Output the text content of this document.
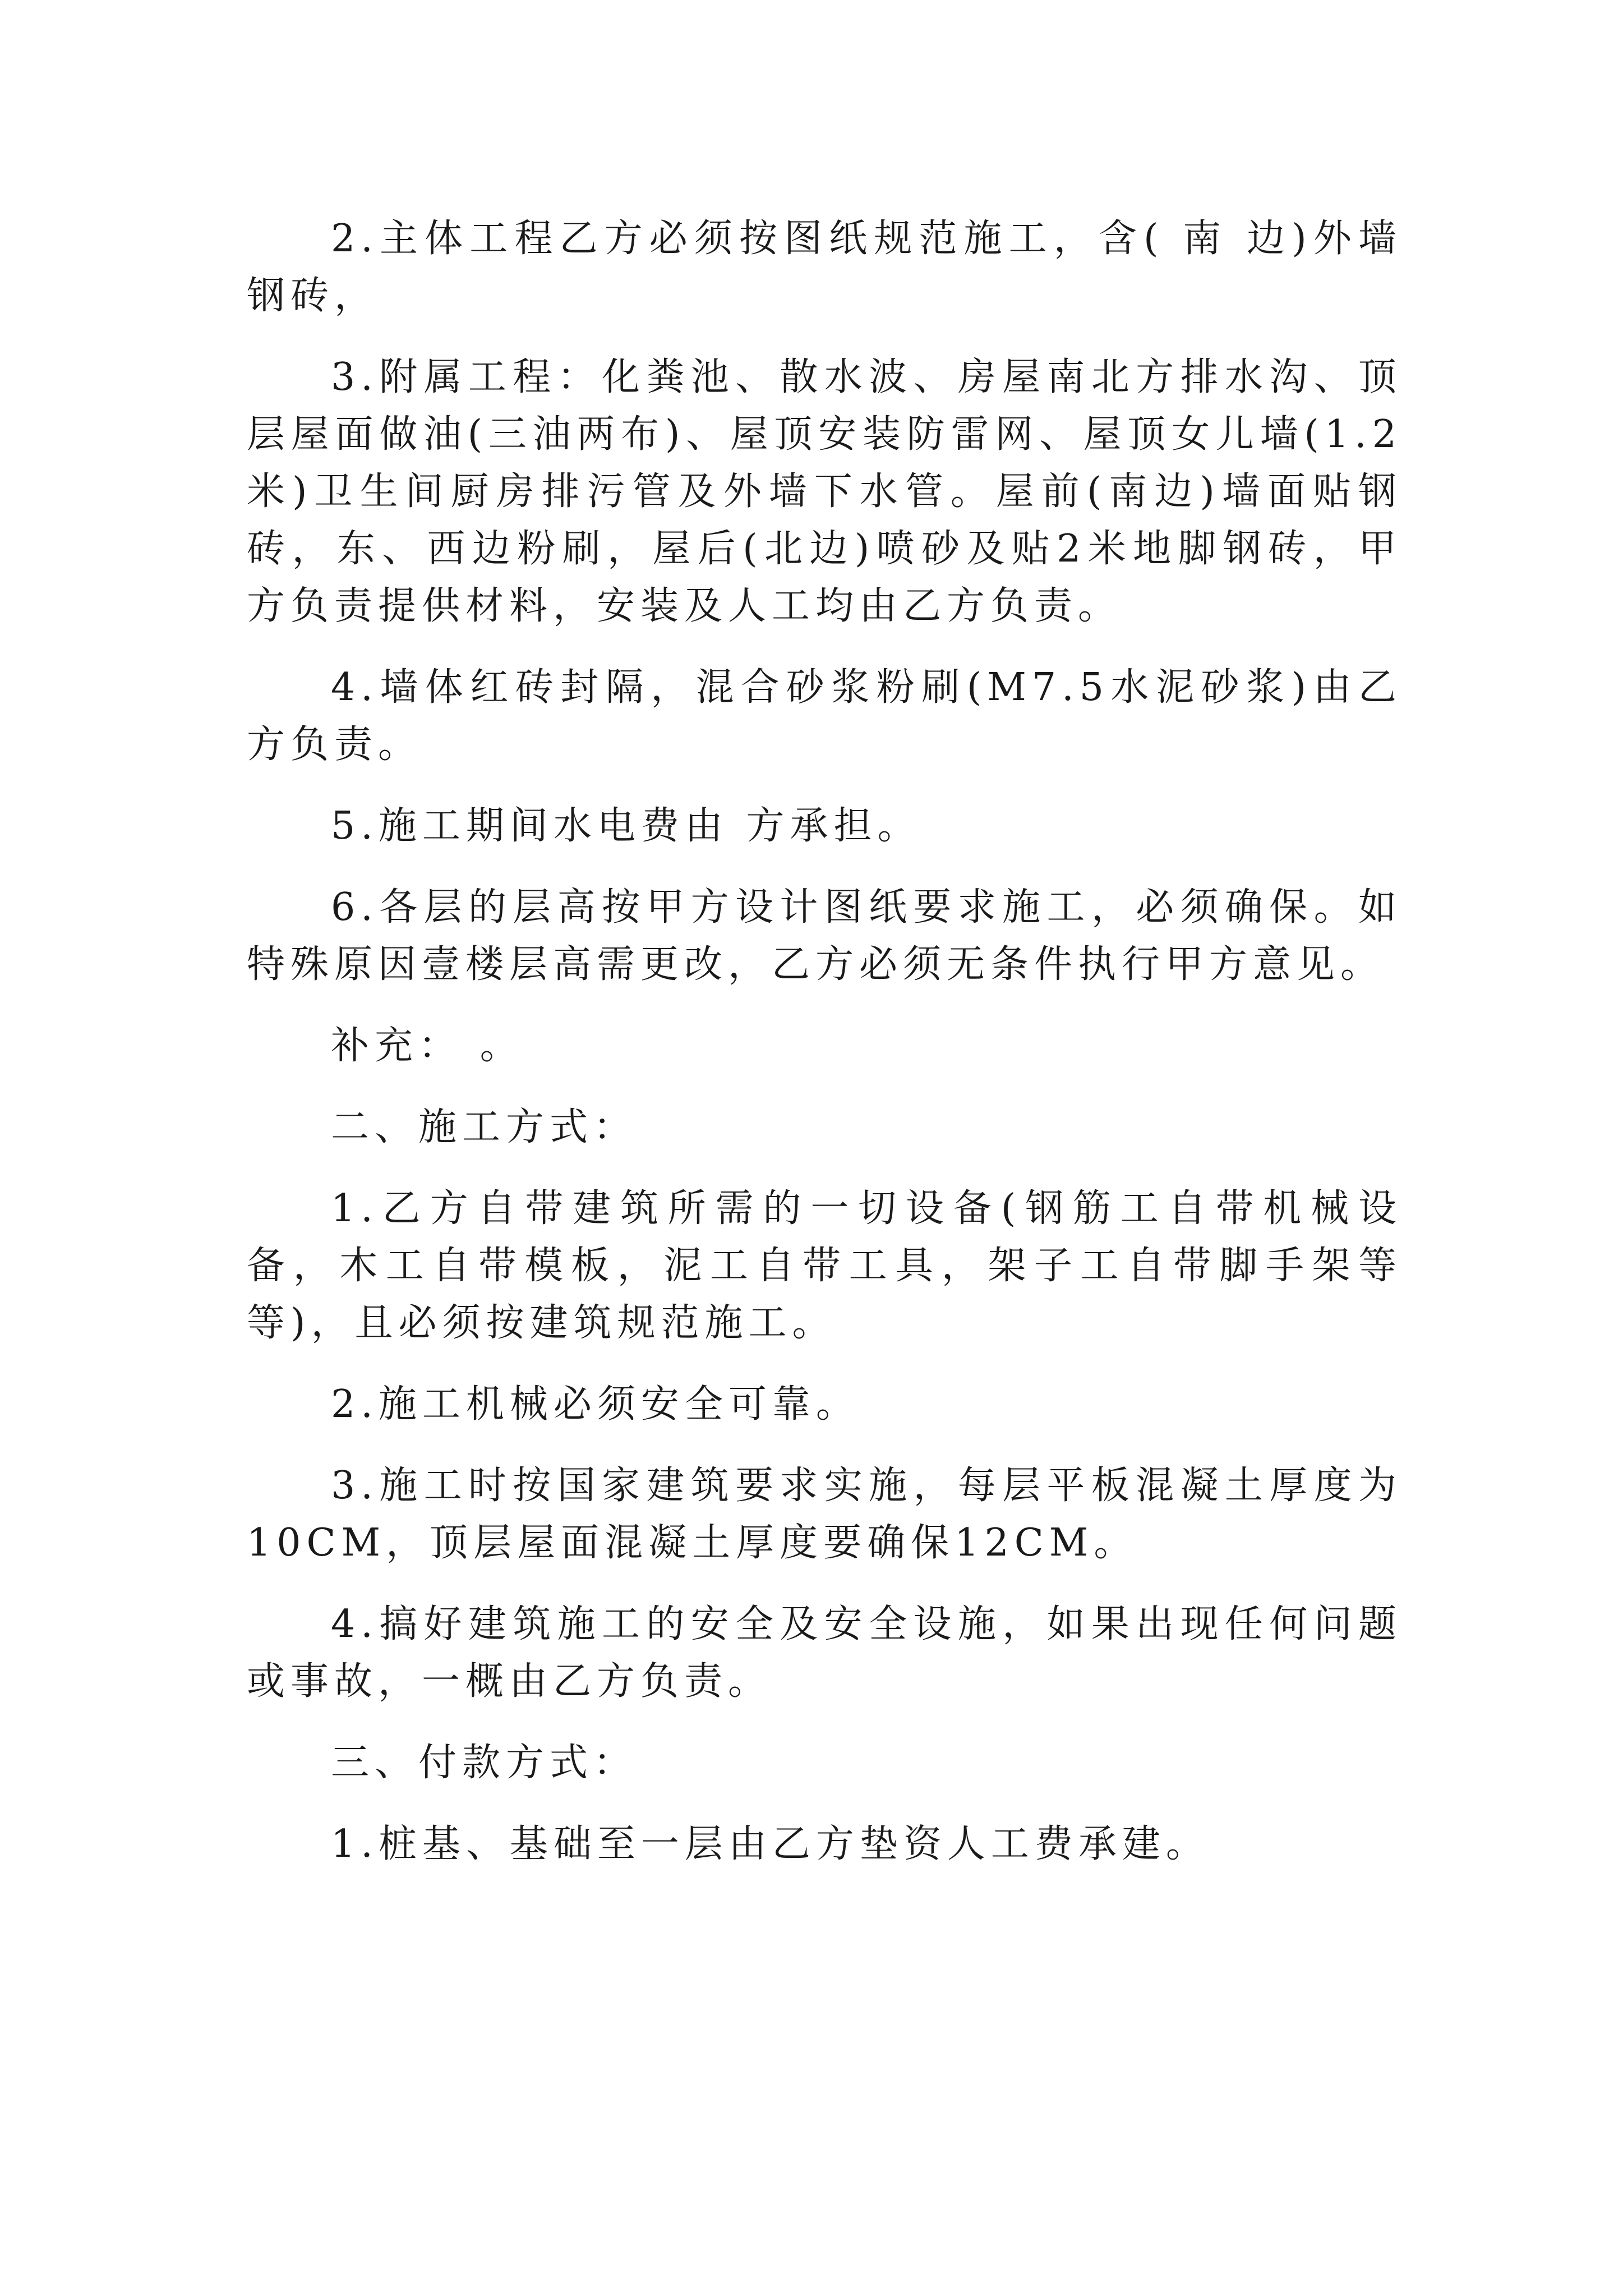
2.主体工程乙方必须按图纸规范施工，含( 南 边)外墙钢砖，

3.附属工程：化粪池、散水波、房屋南北方排水沟、顶层屋面做油(三油两布)、屋顶安装防雷网、屋顶女儿墙(1.2米)卫生间厨房排污管及外墙下水管。屋前(南边)墙面贴钢砖，东、西边粉刷，屋后(北边)喷砂及贴2米地脚钢砖，甲方负责提供材料，安装及人工均由乙方负责。

4.墙体红砖封隔，混合砂浆粉刷(M7.5水泥砂浆)由乙方负责。

5.施工期间水电费由 方承担。

6.各层的层高按甲方设计图纸要求施工，必须确保。如特殊原因壹楼层高需更改，乙方必须无条件执行甲方意见。

补充： 。

二、施工方式：

1.乙方自带建筑所需的一切设备(钢筋工自带机械设备，木工自带模板，泥工自带工具，架子工自带脚手架等等)，且必须按建筑规范施工。

2.施工机械必须安全可靠。

3.施工时按国家建筑要求实施，每层平板混凝土厚度为10CM，顶层屋面混凝土厚度要确保12CM。

4.搞好建筑施工的安全及安全设施，如果出现任何问题或事故，一概由乙方负责。

三、付款方式：

1.桩基、基础至一层由乙方垫资人工费承建。
